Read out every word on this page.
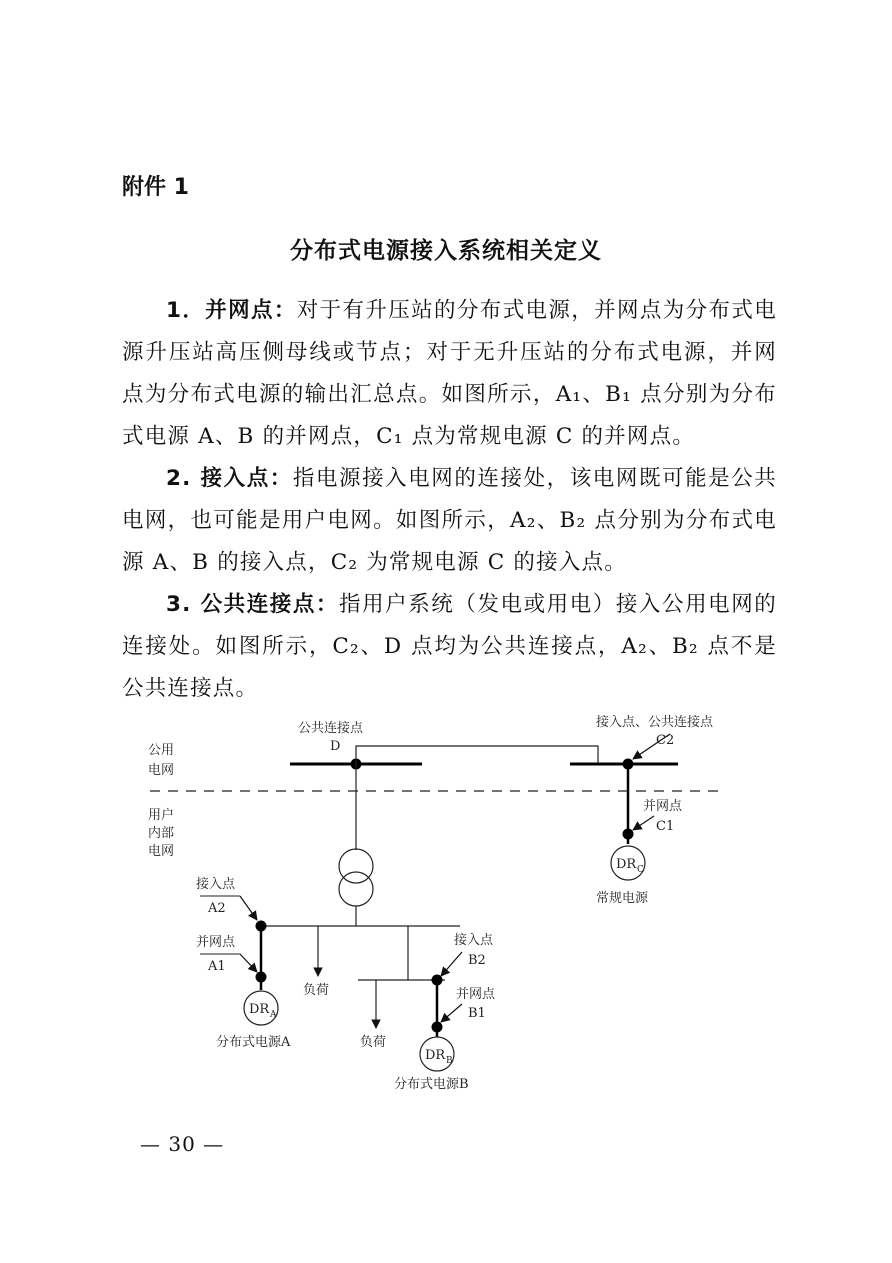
附件 1
分布式电源接入系统相关定义
1．并网点：对于有升压站的分布式电源，并网点为分布式电源升压站高压侧母线或节点；对于无升压站的分布式电源，并网点为分布式电源的输出汇总点。如图所示，A₁、B₁ 点分别为分布式电源 A、B 的并网点，C₁ 点为常规电源 C 的并网点。
2. 接入点：指电源接入电网的连接处，该电网既可能是公共电网，也可能是用户电网。如图所示，A₂、B₂ 点分别为分布式电源 A、B 的接入点，C₂ 为常规电源 C 的接入点。
3. 公共连接点：指用户系统（发电或用电）接入公用电网的连接处。如图所示，C₂、D 点均为公共连接点，A₂、B₂ 点不是公共连接点。
公用
电网
用户
内部
电网
公共连接点
D
接入点、公共连接点
C2
并网点
C1
DR C
常规电源
负荷
负荷
接入点
A2
并网点
A1
DR A
分布式电源A
接入点
B2
并网点
B1
DR B
分布式电源B
— 30 —
